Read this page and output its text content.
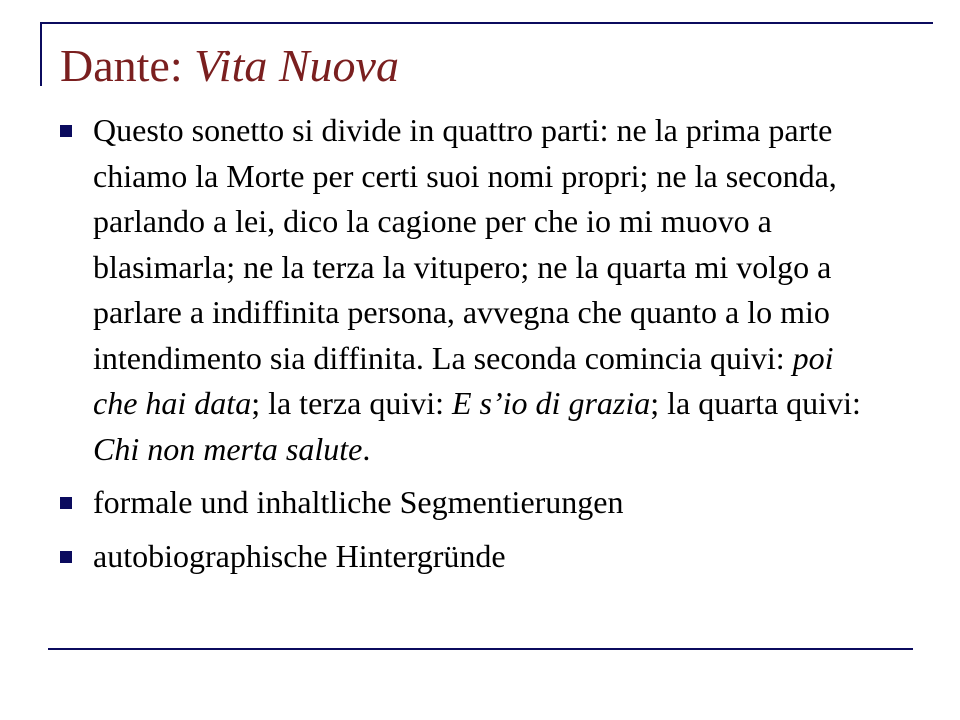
Dante: Vita Nuova
Questo sonetto si divide in quattro parti: ne la prima parte chiamo la Morte per certi suoi nomi propri; ne la seconda, parlando a lei, dico la cagione per che io mi muovo a blasimarla; ne la terza la vitupero; ne la quarta mi volgo a parlare a indiffinita persona, avvegna che quanto a lo mio intendimento sia diffinita. La seconda comincia quivi: poi che hai data; la terza quivi: E s’io di grazia; la quarta quivi: Chi non merta salute.
formale und inhaltliche Segmentierungen
autobiographische Hintergründe
